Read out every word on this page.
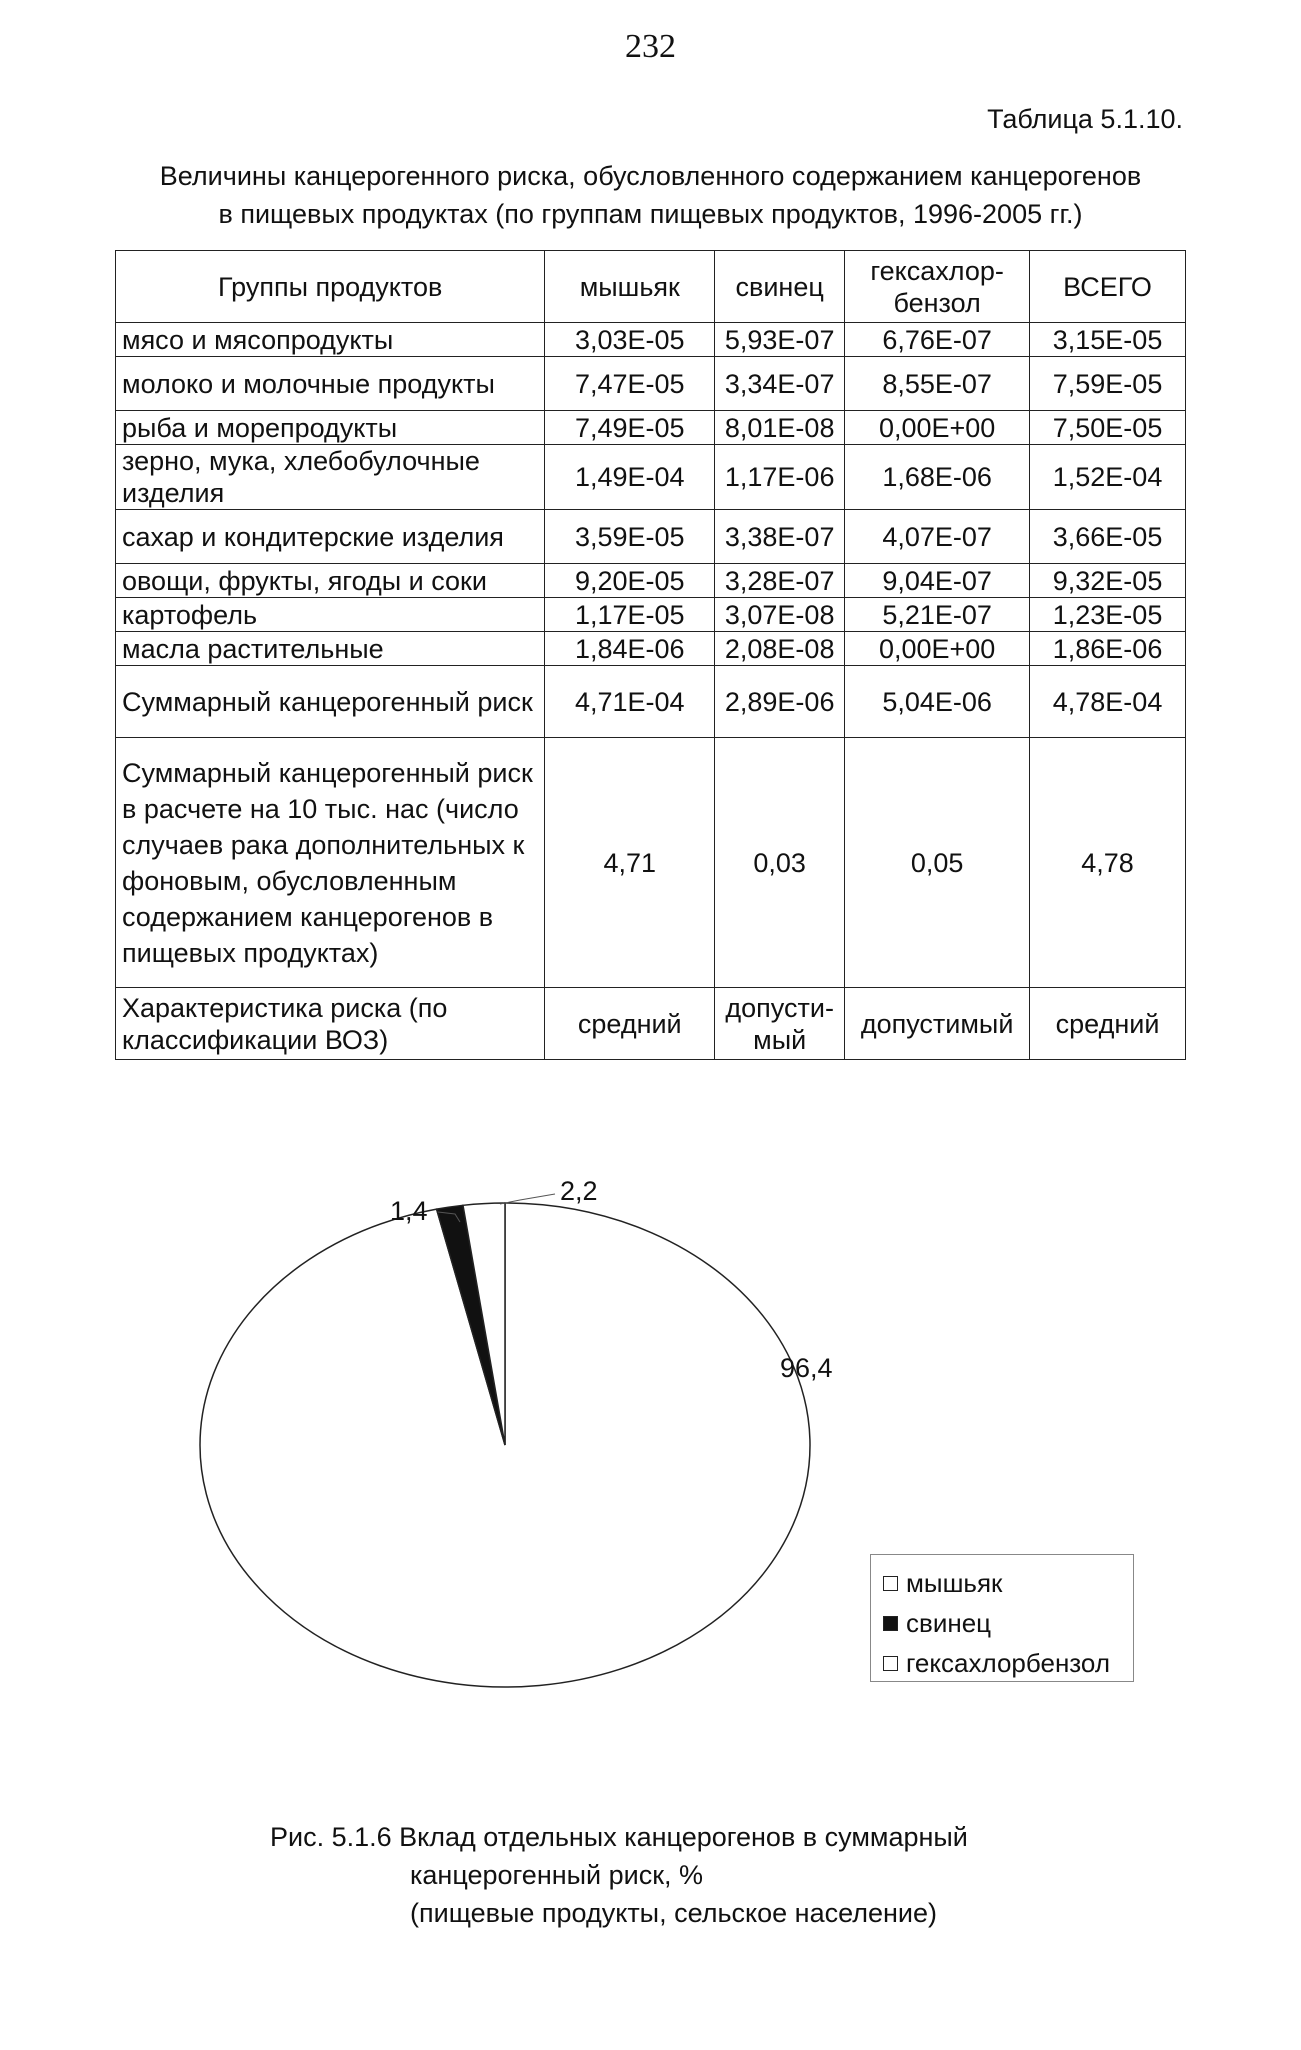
232
Таблица 5.1.10.
Величины канцерогенного риска, обусловленного содержанием канцерогенов
в пищевых продуктах (по группам пищевых продуктов, 1996-2005 гг.)
Группы продуктов	мышьяк	свинец	гексахлор-
бензол	ВСЕГО
мясо и мясопродукты	3,03E-05	5,93E-07	6,76E-07	3,15E-05
молоко и молочные продукты	7,47E-05	3,34E-07	8,55E-07	7,59E-05
рыба и морепродукты	7,49E-05	8,01E-08	0,00E+00	7,50E-05
зерно, мука, хлебобулочные изделия	1,49E-04	1,17E-06	1,68E-06	1,52E-04
сахар и кондитерские изделия	3,59E-05	3,38E-07	4,07E-07	3,66E-05
овощи, фрукты, ягоды и соки	9,20E-05	3,28E-07	9,04E-07	9,32E-05
картофель	1,17E-05	3,07E-08	5,21E-07	1,23E-05
масла растительные	1,84E-06	2,08E-08	0,00E+00	1,86E-06
Суммарный канцерогенный риск	4,71E-04	2,89E-06	5,04E-06	4,78E-04
Суммарный канцерогенный риск в расчете на 10 тыс. нас (число случаев рака дополнительных к фоновым, обусловленным содержанием канцерогенов в пищевых продуктах)	4,71	0,03	0,05	4,78
Характеристика риска (по классификации ВОЗ)	средний	допусти-
мый	допустимый	средний
96,4
1,4
2,2
мышьяк
свинец
гексахлорбензол
Рис. 5.1.6 Вклад отдельных канцерогенов в суммарный
канцерогенный риск, %
(пищевые продукты, сельское население)
